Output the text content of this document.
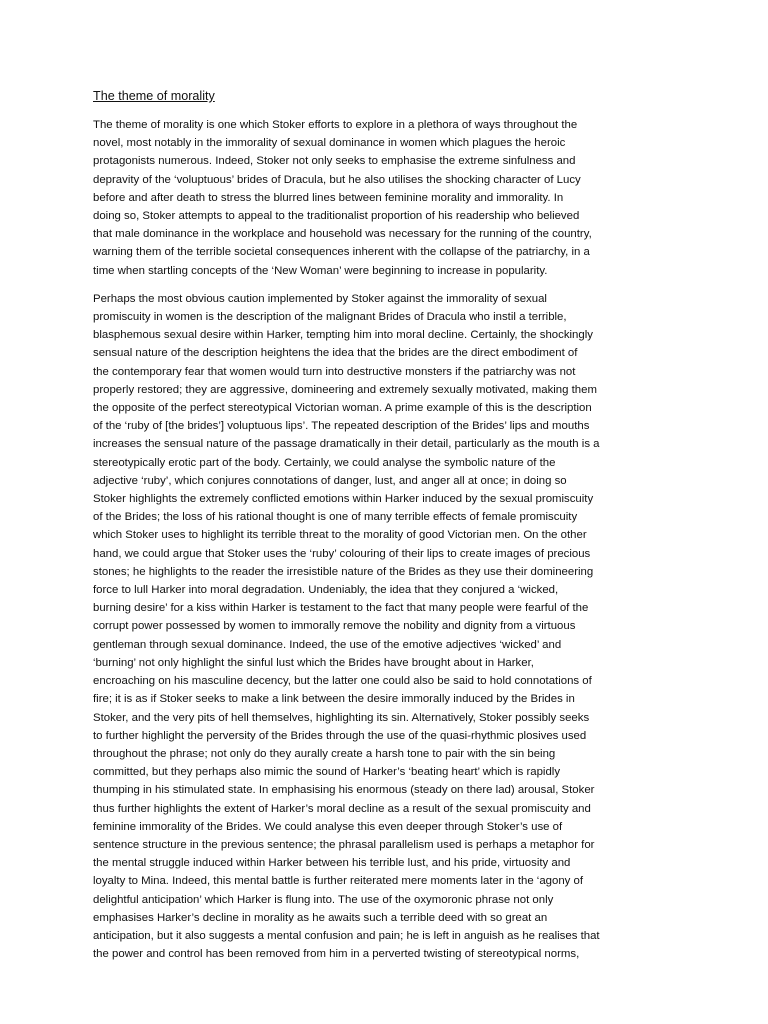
The theme of morality

The theme of morality is one which Stoker efforts to explore in a plethora of ways throughout the
novel, most notably in the immorality of sexual dominance in women which plagues the heroic
protagonists numerous. Indeed, Stoker not only seeks to emphasise the extreme sinfulness and
depravity of the ‘voluptuous’ brides of Dracula, but he also utilises the shocking character of Lucy
before and after death to stress the blurred lines between feminine morality and immorality. In
doing so, Stoker attempts to appeal to the traditionalist proportion of his readership who believed
that male dominance in the workplace and household was necessary for the running of the country,
warning them of the terrible societal consequences inherent with the collapse of the patriarchy, in a
time when startling concepts of the ‘New Woman’ were beginning to increase in popularity.

Perhaps the most obvious caution implemented by Stoker against the immorality of sexual
promiscuity in women is the description of the malignant Brides of Dracula who instil a terrible,
blasphemous sexual desire within Harker, tempting him into moral decline. Certainly, the shockingly
sensual nature of the description heightens the idea that the brides are the direct embodiment of
the contemporary fear that women would turn into destructive monsters if the patriarchy was not
properly restored; they are aggressive, domineering and extremely sexually motivated, making them
the opposite of the perfect stereotypical Victorian woman. A prime example of this is the description
of the ‘ruby of [the brides’] voluptuous lips’. The repeated description of the Brides’ lips and mouths
increases the sensual nature of the passage dramatically in their detail, particularly as the mouth is a
stereotypically erotic part of the body. Certainly, we could analyse the symbolic nature of the
adjective ‘ruby’, which conjures connotations of danger, lust, and anger all at once; in doing so
Stoker highlights the extremely conflicted emotions within Harker induced by the sexual promiscuity
of the Brides; the loss of his rational thought is one of many terrible effects of female promiscuity
which Stoker uses to highlight its terrible threat to the morality of good Victorian men. On the other
hand, we could argue that Stoker uses the ‘ruby’ colouring of their lips to create images of precious
stones; he highlights to the reader the irresistible nature of the Brides as they use their domineering
force to lull Harker into moral degradation. Undeniably, the idea that they conjured a ‘wicked,
burning desire’ for a kiss within Harker is testament to the fact that many people were fearful of the
corrupt power possessed by women to immorally remove the nobility and dignity from a virtuous
gentleman through sexual dominance. Indeed, the use of the emotive adjectives ‘wicked’ and
‘burning’ not only highlight the sinful lust which the Brides have brought about in Harker,
encroaching on his masculine decency, but the latter one could also be said to hold connotations of
fire; it is as if Stoker seeks to make a link between the desire immorally induced by the Brides in
Stoker, and the very pits of hell themselves, highlighting its sin. Alternatively, Stoker possibly seeks
to further highlight the perversity of the Brides through the use of the quasi-rhythmic plosives used
throughout the phrase; not only do they aurally create a harsh tone to pair with the sin being
committed, but they perhaps also mimic the sound of Harker’s ‘beating heart’ which is rapidly
thumping in his stimulated state. In emphasising his enormous (steady on there lad) arousal, Stoker
thus further highlights the extent of Harker’s moral decline as a result of the sexual promiscuity and
feminine immorality of the Brides. We could analyse this even deeper through Stoker’s use of
sentence structure in the previous sentence; the phrasal parallelism used is perhaps a metaphor for
the mental struggle induced within Harker between his terrible lust, and his pride, virtuosity and
loyalty to Mina. Indeed, this mental battle is further reiterated mere moments later in the ‘agony of
delightful anticipation’ which Harker is flung into. The use of the oxymoronic phrase not only
emphasises Harker’s decline in morality as he awaits such a terrible deed with so great an
anticipation, but it also suggests a mental confusion and pain; he is left in anguish as he realises that
the power and control has been removed from him in a perverted twisting of stereotypical norms,
